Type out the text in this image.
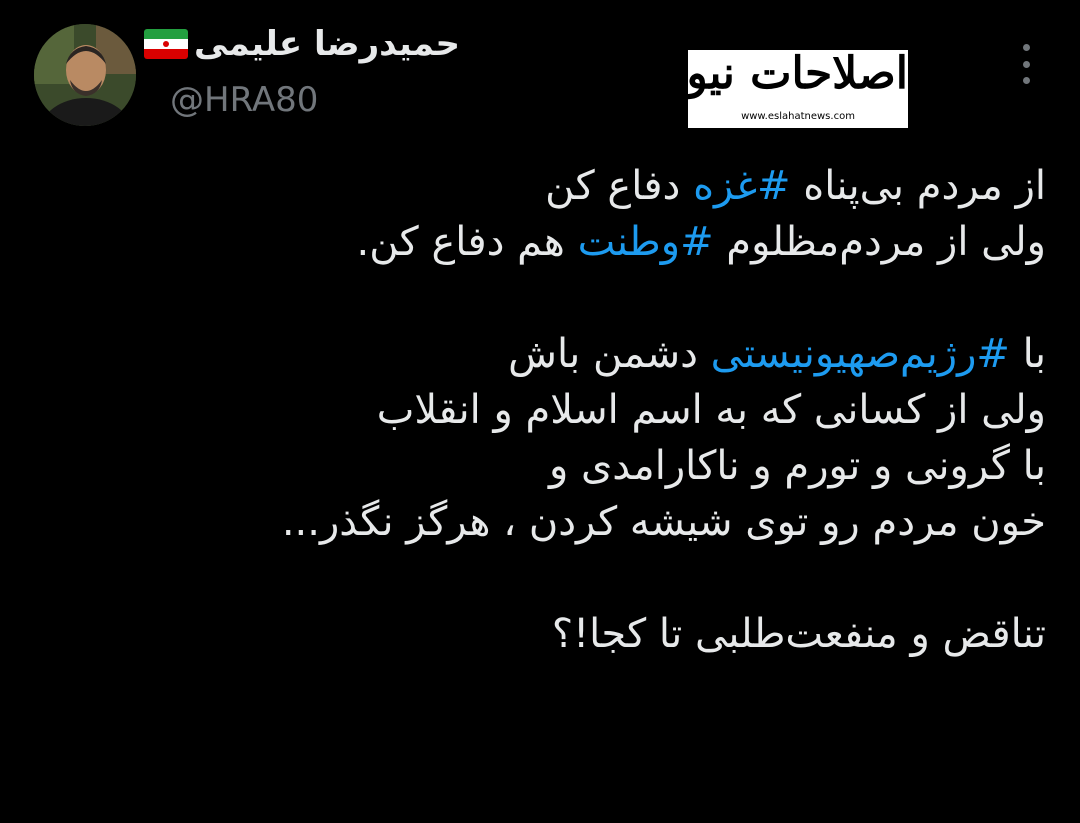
حمیدرضا علیمی
@HRA80	www.eslahatnews.com
اصلاحات نیوز
از مردم بی‌پناه #غزه دفاع کن
ولی از مردم‌مظلوم #وطنت هم دفاع کن.
با #رژیم‌صهیونیستی دشمن باش
ولی از کسانی که به اسم اسلام و انقلاب
با گرونی و تورم و ناکارامدی و
خون مردم رو توی شیشه کردن ، هرگز نگذر...
تناقض و منفعت‌طلبی تا کجا!؟
